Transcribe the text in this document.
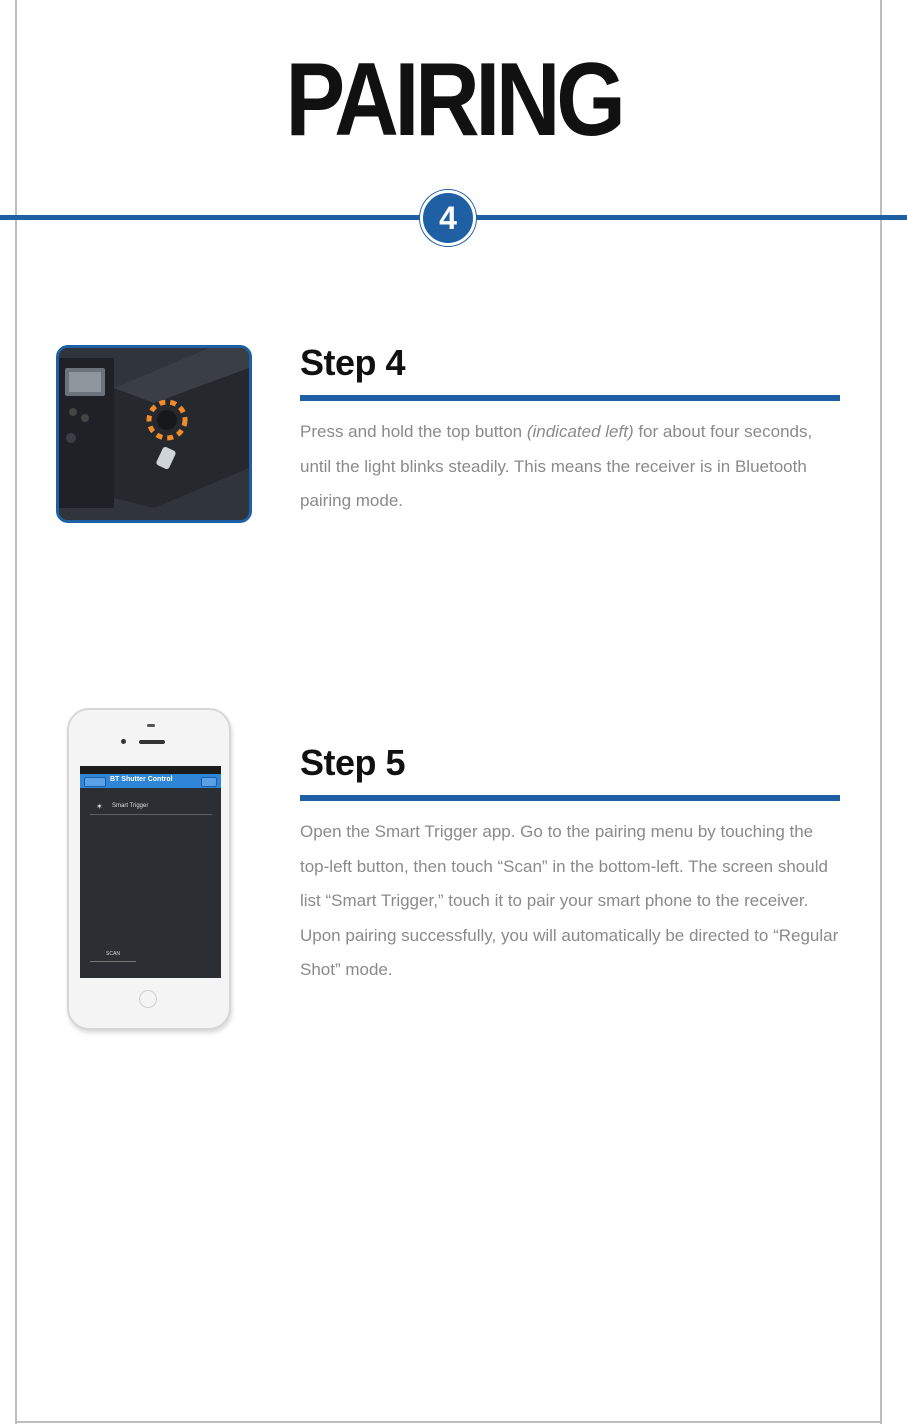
PAIRING
4
Step 4
Press and hold the top button (indicated left) for about four seconds, until the light blinks steadily. This means the receiver is in Bluetooth pairing mode.
BT Shutter Control
✶ Smart Trigger
SCAN
Step 5
Open the Smart Trigger app. Go to the pairing menu by touching the top-left button, then touch “Scan” in the bottom-left. The screen should list “Smart Trigger,” touch it to pair your smart phone to the receiver. Upon pairing successfully, you will automatically be directed to “Regular Shot” mode.
